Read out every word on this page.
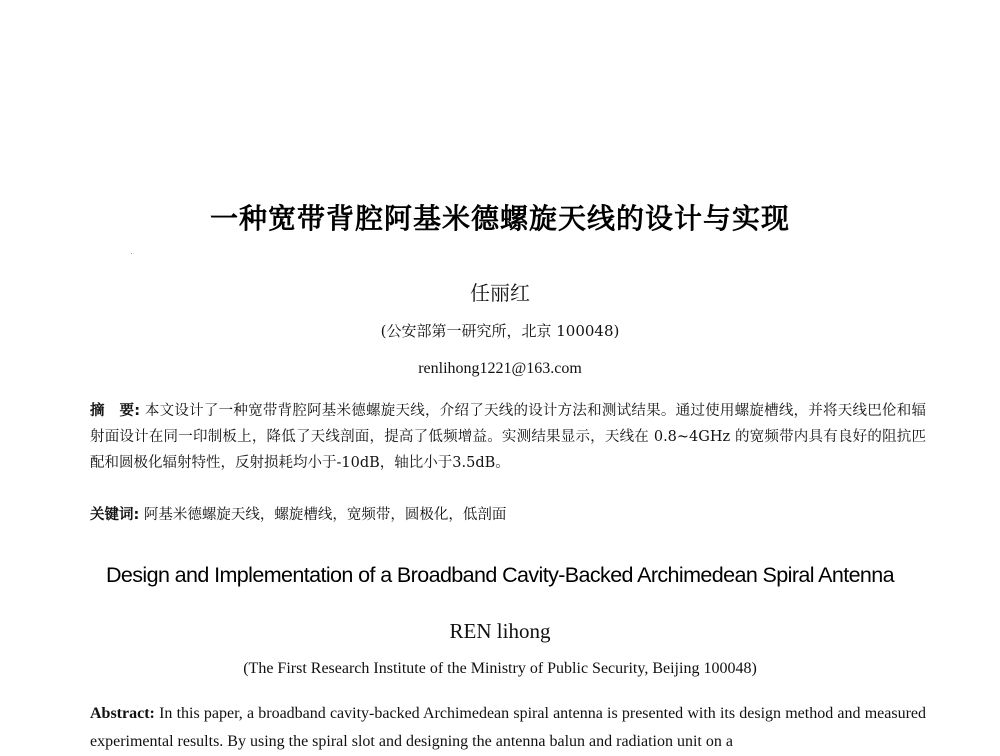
一种宽带背腔阿基米德螺旋天线的设计与实现
任丽红
(公安部第一研究所，北京 100048)
renlihong1221@163.com
摘　要: 本文设计了一种宽带背腔阿基米德螺旋天线，介绍了天线的设计方法和测试结果。通过使用螺旋槽线，并将天线巴伦和辐射面设计在同一印制板上，降低了天线剖面，提高了低频增益。实测结果显示，天线在 0.8~4GHz 的宽频带内具有良好的阻抗匹配和圆极化辐射特性，反射损耗均小于-10dB，轴比小于3.5dB。
关键词: 阿基米德螺旋天线，螺旋槽线，宽频带，圆极化，低剖面
Design and Implementation of a Broadband Cavity-Backed Archimedean Spiral Antenna
REN lihong
(The First Research Institute of the Ministry of Public Security, Beijing 100048)
Abstract: In this paper, a broadband cavity-backed Archimedean spiral antenna is presented with its design method and measured experimental results. By using the spiral slot and designing the antenna balun and radiation unit on a
